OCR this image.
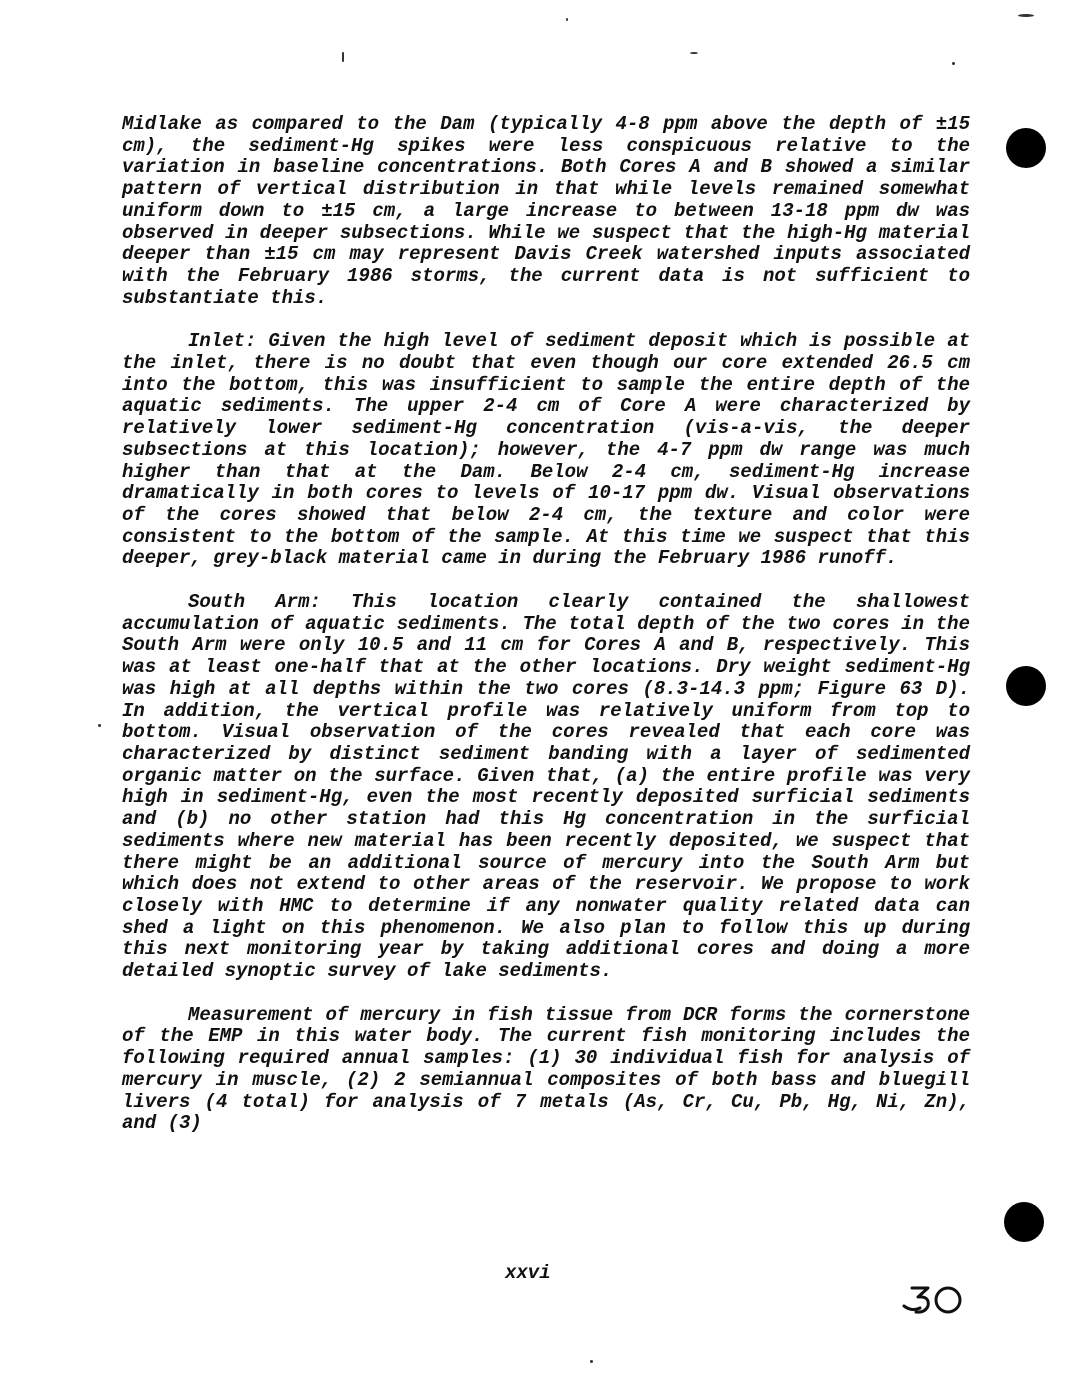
Midlake as compared to the Dam (typically 4-8 ppm above the depth of ±15 cm), the sediment-Hg spikes were less conspicuous relative to the variation in baseline concentrations. Both Cores A and B showed a similar pattern of vertical distribution in that while levels remained somewhat uniform down to ±15 cm, a large increase to between 13-18 ppm dw was observed in deeper subsections. While we suspect that the high-Hg material deeper than ±15 cm may represent Davis Creek watershed inputs associated with the February 1986 storms, the current data is not sufficient to substantiate this.

Inlet: Given the high level of sediment deposit which is possible at the inlet, there is no doubt that even though our core extended 26.5 cm into the bottom, this was insufficient to sample the entire depth of the aquatic sediments. The upper 2-4 cm of Core A were characterized by relatively lower sediment-Hg concentration (vis-a-vis, the deeper subsections at this location); however, the 4-7 ppm dw range was much higher than that at the Dam. Below 2-4 cm, sediment-Hg increase dramatically in both cores to levels of 10-17 ppm dw. Visual observations of the cores showed that below 2-4 cm, the texture and color were consistent to the bottom of the sample. At this time we suspect that this deeper, grey-black material came in during the February 1986 runoff.

South Arm: This location clearly contained the shallowest accumulation of aquatic sediments. The total depth of the two cores in the South Arm were only 10.5 and 11 cm for Cores A and B, respectively. This was at least one-half that at the other locations. Dry weight sediment-Hg was high at all depths within the two cores (8.3-14.3 ppm; Figure 63 D). In addition, the vertical profile was relatively uniform from top to bottom. Visual observation of the cores revealed that each core was characterized by distinct sediment banding with a layer of sedimented organic matter on the surface. Given that, (a) the entire profile was very high in sediment-Hg, even the most recently deposited surficial sediments and (b) no other station had this Hg concentration in the surficial sediments where new material has been recently deposited, we suspect that there might be an additional source of mercury into the South Arm but which does not extend to other areas of the reservoir. We propose to work closely with HMC to determine if any nonwater quality related data can shed a light on this phenomenon. We also plan to follow this up during this next monitoring year by taking additional cores and doing a more detailed synoptic survey of lake sediments.

Measurement of mercury in fish tissue from DCR forms the cornerstone of the EMP in this water body. The current fish monitoring includes the following required annual samples: (1) 30 individual fish for analysis of mercury in muscle, (2) 2 semiannual composites of both bass and bluegill livers (4 total) for analysis of 7 metals (As, Cr, Cu, Pb, Hg, Ni, Zn), and (3)

xxvi
